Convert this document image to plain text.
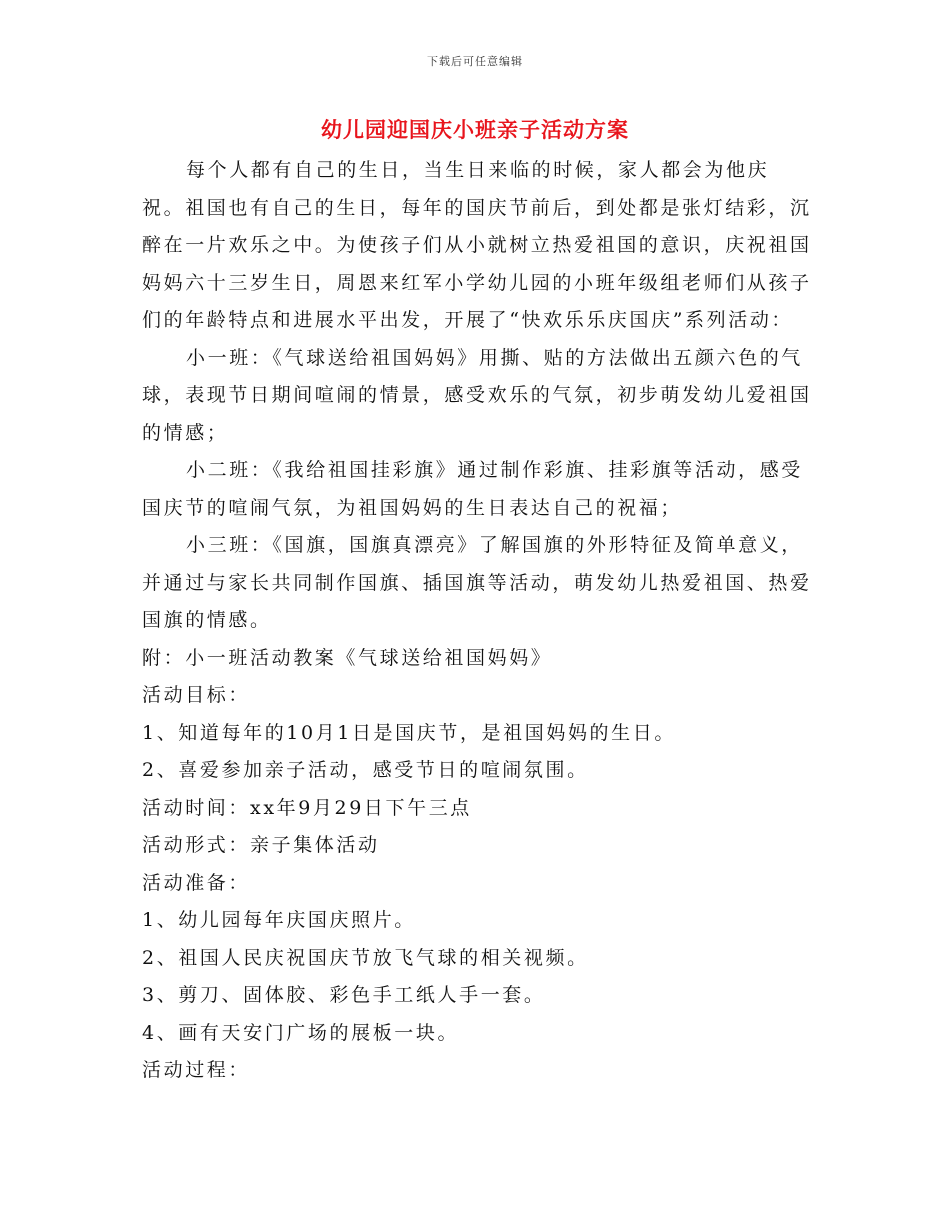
下载后可任意编辑
幼儿园迎国庆小班亲子活动方案

每个人都有自己的生日，当生日来临的时候，家人都会为他庆祝。祖国也有自己的生日，每年的国庆节前后，到处都是张灯结彩，沉醉在一片欢乐之中。为使孩子们从小就树立热爱祖国的意识，庆祝祖国妈妈六十三岁生日，周恩来红军小学幼儿园的小班年级组老师们从孩子们的年龄特点和进展水平出发，开展了“快欢乐乐庆国庆”系列活动：

小一班：《气球送给祖国妈妈》用撕、贴的方法做出五颜六色的气球，表现节日期间喧闹的情景，感受欢乐的气氛，初步萌发幼儿爱祖国的情感；

小二班：《我给祖国挂彩旗》通过制作彩旗、挂彩旗等活动，感受国庆节的喧闹气氛，为祖国妈妈的生日表达自己的祝福；

小三班：《国旗，国旗真漂亮》了解国旗的外形特征及简单意义，并通过与家长共同制作国旗、插国旗等活动，萌发幼儿热爱祖国、热爱国旗的情感。

附：小一班活动教案《气球送给祖国妈妈》

活动目标：

1、知道每年的10月1日是国庆节，是祖国妈妈的生日。

2、喜爱参加亲子活动，感受节日的喧闹氛围。

活动时间：xx年9月29日下午三点

活动形式：亲子集体活动

活动准备：

1、幼儿园每年庆国庆照片。

2、祖国人民庆祝国庆节放飞气球的相关视频。

3、剪刀、固体胶、彩色手工纸人手一套。

4、画有天安门广场的展板一块。

活动过程：
